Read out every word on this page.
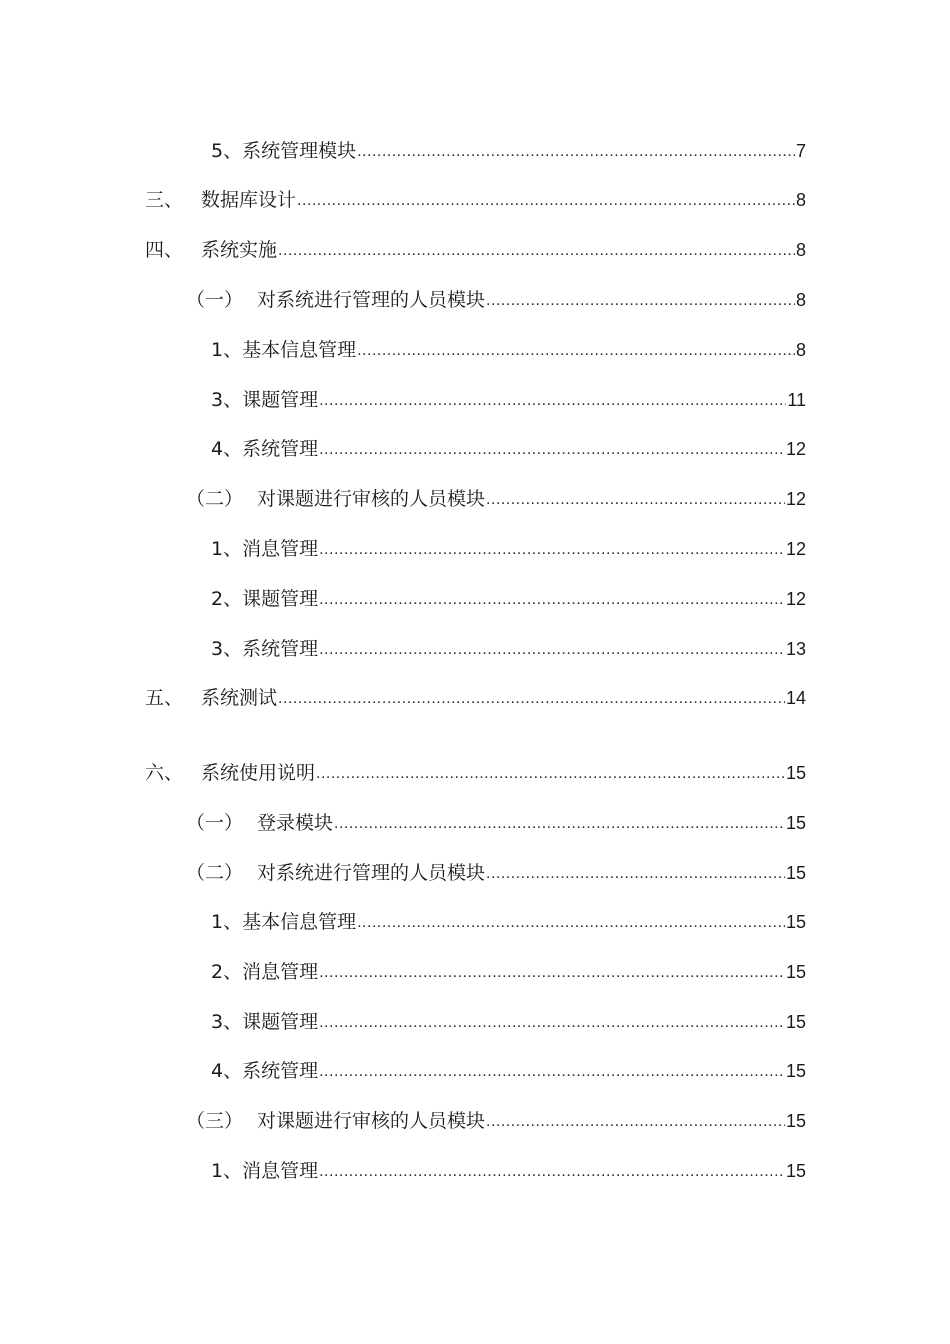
5、 系统管理模块 .....	7
三、 数据库设计 .....	8
四、 系统实施 .....	8
（一） 对系统进行管理的人员模块 .....	8
1、 基本信息管理 .....	8
3、 课题管理 .....	11
4、 系统管理 .....	12
（二） 对课题进行审核的人员模块 .....	12
1、 消息管理 .....	12
2、 课题管理 .....	12
3、 系统管理 .....	13
五、 系统测试 .....	14
六、 系统使用说明 .....	15
（一） 登录模块 .....	15
（二） 对系统进行管理的人员模块 .....	15
1、 基本信息管理 .....	15
2、 消息管理 .....	15
3、 课题管理 .....	15
4、 系统管理 .....	15
（三） 对课题进行审核的人员模块 .....	15
1、 消息管理 .....	15
